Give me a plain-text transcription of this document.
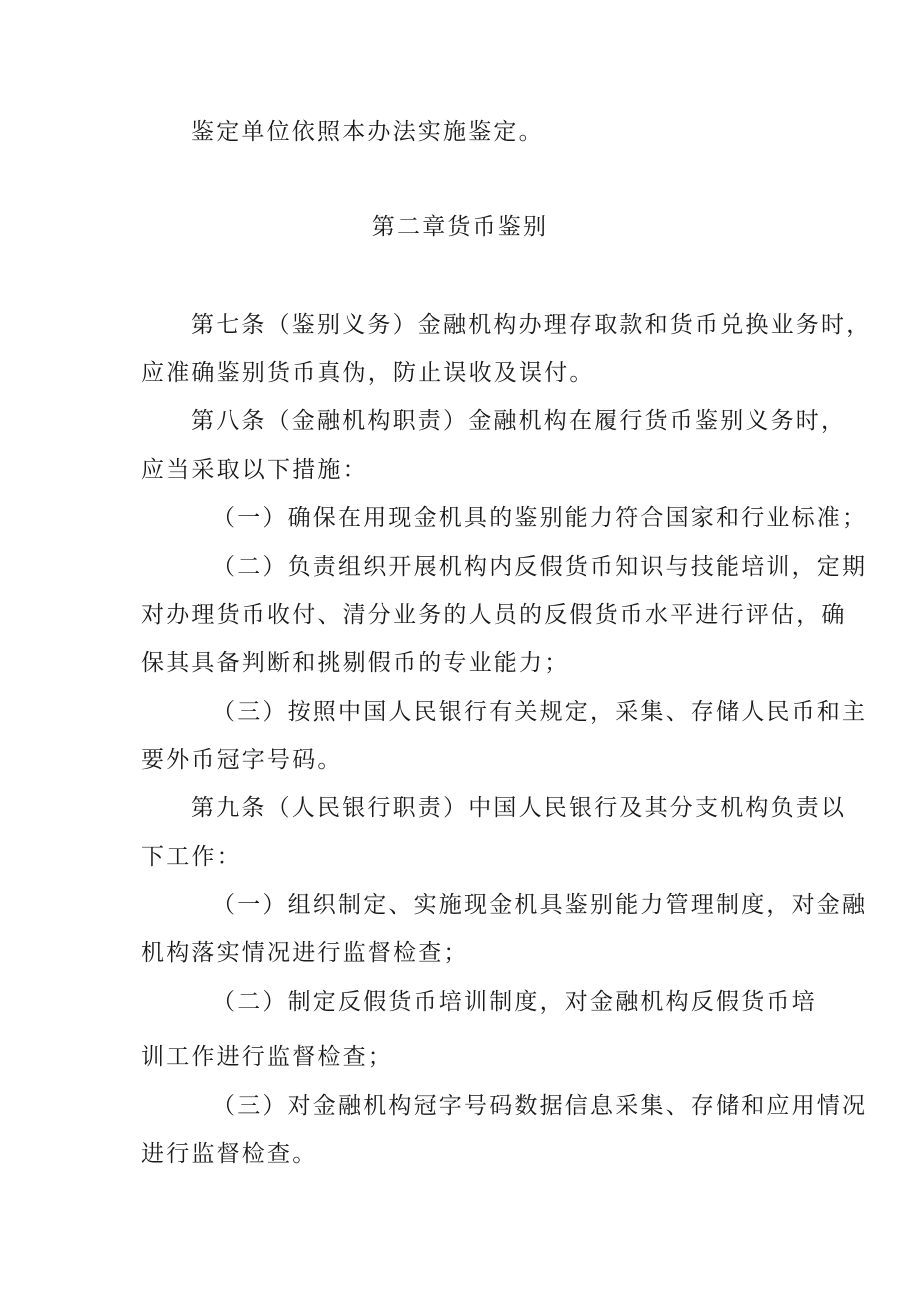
鉴定单位依照本办法实施鉴定。
第二章货币鉴别
第七条（鉴别义务）金融机构办理存取款和货币兑换业务时，
应准确鉴别货币真伪，防止误收及误付。
第八条（金融机构职责）金融机构在履行货币鉴别义务时，
应当采取以下措施：
（一）确保在用现金机具的鉴别能力符合国家和行业标准；
（二）负责组织开展机构内反假货币知识与技能培训，定期
对办理货币收付、清分业务的人员的反假货币水平进行评估，确
保其具备判断和挑剔假币的专业能力；
（三）按照中国人民银行有关规定，采集、存储人民币和主
要外币冠字号码。
第九条（人民银行职责）中国人民银行及其分支机构负责以
下工作：
（一）组织制定、实施现金机具鉴别能力管理制度，对金融
机构落实情况进行监督检查；
（二）制定反假货币培训制度，对金融机构反假货币培
训工作进行监督检查；
（三）对金融机构冠字号码数据信息采集、存储和应用情况
进行监督检查。
